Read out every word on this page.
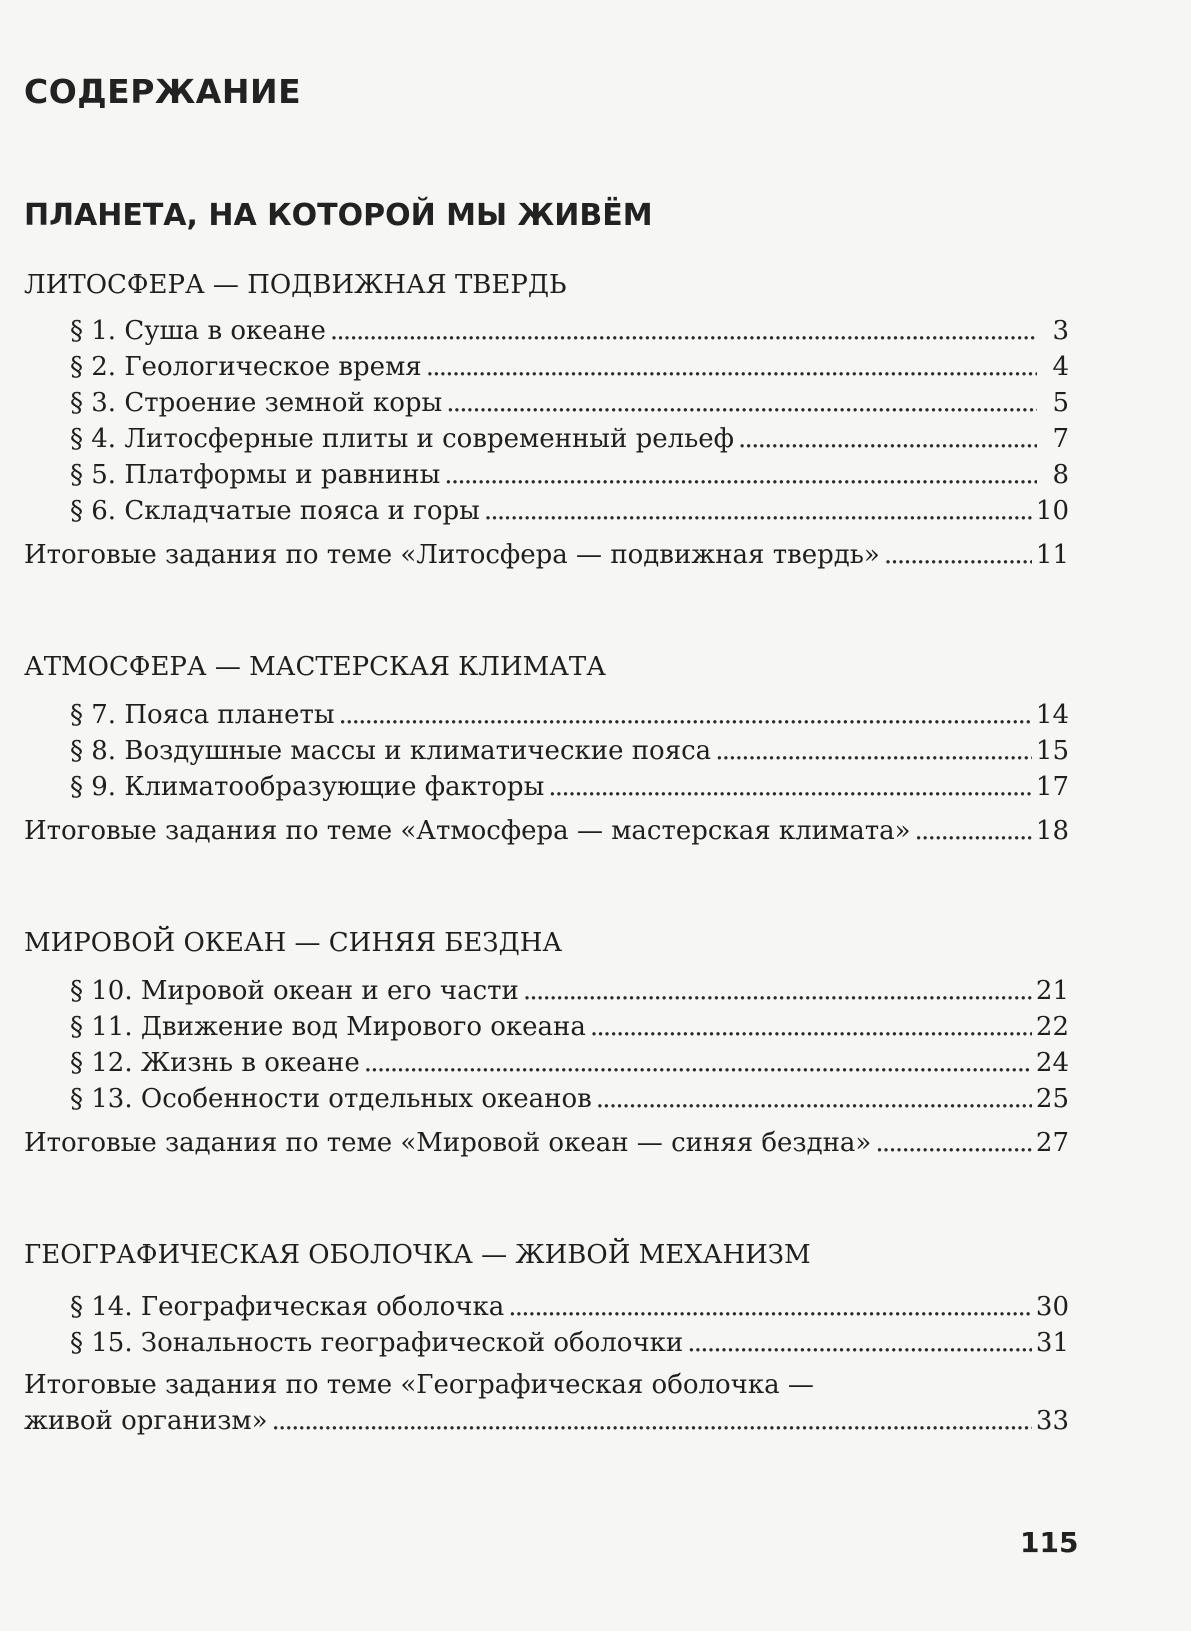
СОДЕРЖАНИЕ
ПЛАНЕТА, НА КОТОРОЙ МЫ ЖИВЁМ
ЛИТОСФЕРА — ПОДВИЖНАЯ ТВЕРДЬ
§ 1. Суша в океане . . .	3
§ 2. Геологическое время . . .	4
§ 3. Строение земной коры . . .	5
§ 4. Литосферные плиты и современный рельеф . . .	7
§ 5. Платформы и равнины . . .	8
§ 6. Складчатые пояса и горы . . .	10
Итоговые задания по теме «Литосфера — подвижная твердь» . . .	11
АТМОСФЕРА — МАСТЕРСКАЯ КЛИМАТА
§ 7. Пояса планеты . . .	14
§ 8. Воздушные массы и климатические пояса . . .	15
§ 9. Климатообразующие факторы . . .	17
Итоговые задания по теме «Атмосфера — мастерская климата» . . .	18
МИРОВОЙ ОКЕАН — СИНЯЯ БЕЗДНА
§ 10. Мировой океан и его части . . .	21
§ 11. Движение вод Мирового океана . . .	22
§ 12. Жизнь в океане . . .	24
§ 13. Особенности отдельных океанов . . .	25
Итоговые задания по теме «Мировой океан — синяя бездна» . . .	27
ГЕОГРАФИЧЕСКАЯ ОБОЛОЧКА — ЖИВОЙ МЕХАНИЗМ
§ 14. Географическая оболочка . . .	30
§ 15. Зональность географической оболочки . . .	31
Итоговые задания по теме «Географическая оболочка —
живой организм» . . .	33
115
